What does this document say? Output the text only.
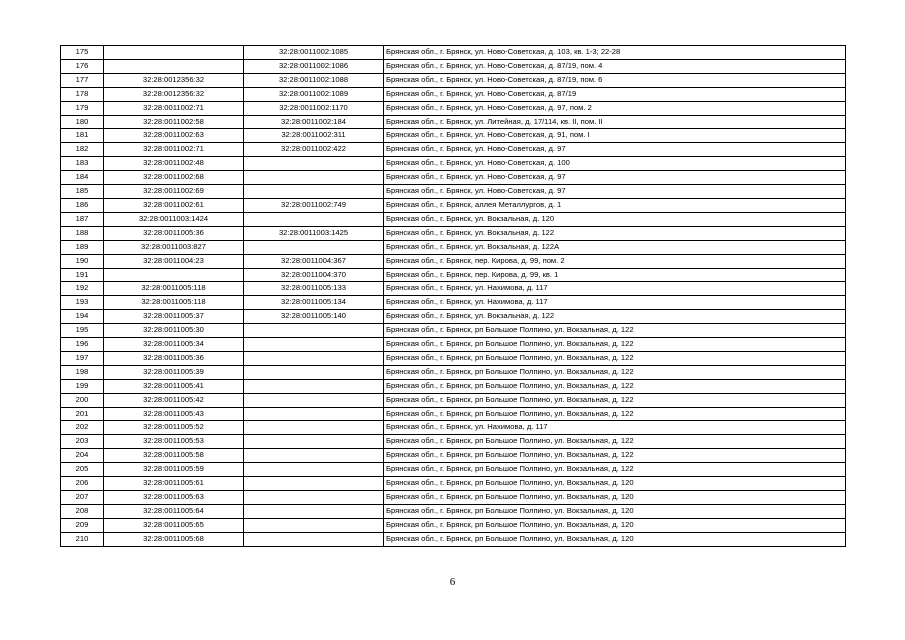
175		32:28:0011002:1085	Брянская обл., г. Брянск, ул. Ново-Советская, д. 103, кв. 1-3; 22-28
176		32:28:0011002:1086	Брянская обл., г. Брянск, ул. Ново-Советская, д. 87/19, пом. 4
177	32:28:0012356:32	32:28:0011002:1088	Брянская обл., г. Брянск, ул. Ново-Советская, д. 87/19, пом. 6
178	32:28:0012356:32	32:28:0011002:1089	Брянская обл., г. Брянск, ул. Ново-Советская, д. 87/19
179	32:28:0011002:71	32:28:0011002:1170	Брянская обл., г. Брянск, ул. Ново-Советская, д. 97, пом. 2
180	32:28:0011002:58	32:28:0011002:184	Брянская обл., г. Брянск, ул. Литейная, д. 17/114, кв. II, пом. II
181	32:28:0011002:63	32:28:0011002:311	Брянская обл., г. Брянск, ул. Ново-Советская, д. 91, пом. I
182	32:28:0011002:71	32:28:0011002:422	Брянская обл., г. Брянск, ул. Ново-Советская, д. 97
183	32:28:0011002:48		Брянская обл., г. Брянск, ул. Ново-Советская, д. 100
184	32:28:0011002:68		Брянская обл., г. Брянск, ул. Ново-Советская, д. 97
185	32:28:0011002:69		Брянская обл., г. Брянск, ул. Ново-Советская, д. 97
186	32:28:0011002:61	32:28:0011002:749	Брянская обл., г. Брянск, аллея Металлургов, д. 1
187	32:28:0011003:1424		Брянская обл., г. Брянск, ул. Вокзальная, д. 120
188	32:28:0011005:36	32:28:0011003:1425	Брянская обл., г. Брянск, ул. Вокзальная, д. 122
189	32:28:0011003:827		Брянская обл., г. Брянск, ул. Вокзальная, д. 122А
190	32:28:0011004:23	32:28:0011004:367	Брянская обл., г. Брянск, пер. Кирова, д. 99, пом. 2
191		32:28:0011004:370	Брянская обл., г. Брянск, пер. Кирова, д. 99, кв. 1
192	32:28:0011005:118	32:28:0011005:133	Брянская обл., г. Брянск, ул. Нахимова, д. 117
193	32:28:0011005:118	32:28:0011005:134	Брянская обл., г. Брянск, ул. Нахимова, д. 117
194	32:28:0011005:37	32:28:0011005:140	Брянская обл., г. Брянск, ул. Вокзальная, д. 122
195	32:28:0011005:30		Брянская обл., г. Брянск, рп Большое Полпино, ул. Вокзальная, д. 122
196	32:28:0011005:34		Брянская обл., г. Брянск, рп Большое Полпино, ул. Вокзальная, д. 122
197	32:28:0011005:36		Брянская обл., г. Брянск, рп Большое Полпино, ул. Вокзальная, д. 122
198	32:28:0011005:39		Брянская обл., г. Брянск, рп Большое Полпино, ул. Вокзальная, д. 122
199	32:28:0011005:41		Брянская обл., г. Брянск, рп Большое Полпино, ул. Вокзальная, д. 122
200	32:28:0011005:42		Брянская обл., г. Брянск, рп Большое Полпино, ул. Вокзальная, д. 122
201	32:28:0011005:43		Брянская обл., г. Брянск, рп Большое Полпино, ул. Вокзальная, д. 122
202	32:28:0011005:52		Брянская обл., г. Брянск, ул. Нахимова, д. 117
203	32:28:0011005:53		Брянская обл., г. Брянск, рп Большое Полпино, ул. Вокзальная, д. 122
204	32:28:0011005:58		Брянская обл., г. Брянск, рп Большое Полпино, ул. Вокзальная, д. 122
205	32:28:0011005:59		Брянская обл., г. Брянск, рп Большое Полпино, ул. Вокзальная, д. 122
206	32:28:0011005:61		Брянская обл., г. Брянск, рп Большое Полпино, ул. Вокзальная, д. 120
207	32:28:0011005:63		Брянская обл., г. Брянск, рп Большое Полпино, ул. Вокзальная, д. 120
208	32:28:0011005:64		Брянская обл., г. Брянск, рп Большое Полпино, ул. Вокзальная, д. 120
209	32:28:0011005:65		Брянская обл., г. Брянск, рп Большое Полпино, ул. Вокзальная, д. 120
210	32:28:0011005:68		Брянская обл., г. Брянск, рп Большое Полпино, ул. Вокзальная, д. 120
6
